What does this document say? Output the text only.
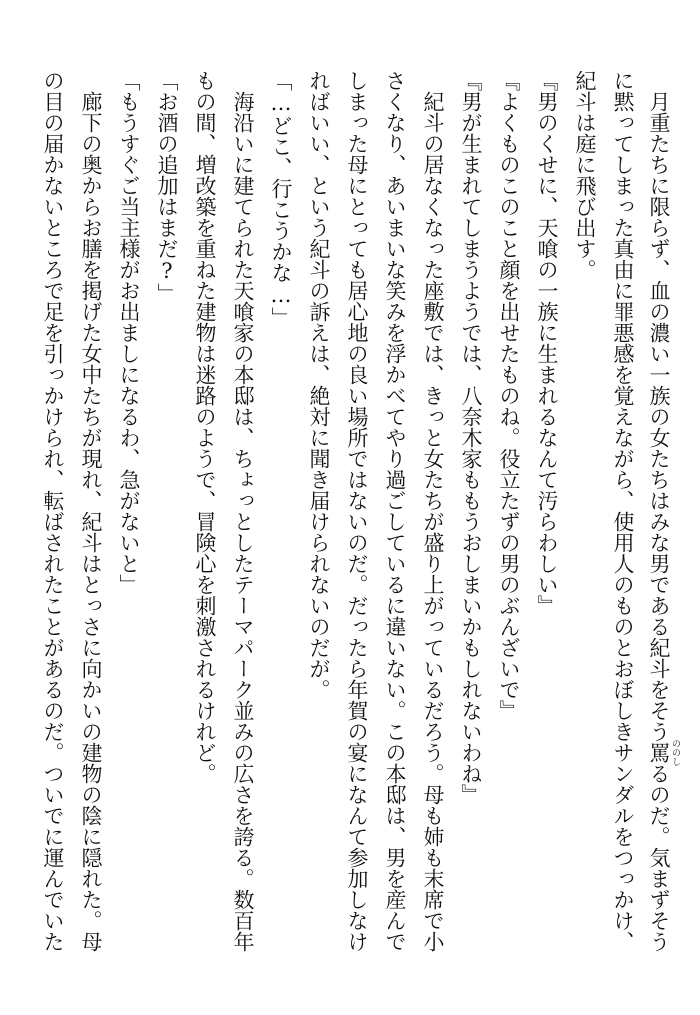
　月重たちに限らず、血の濃い一族の女たちはみな男である紀斗をそう罵 ののしるのだ。気まずそう
に黙ってしまった真由に罪悪感を覚えながら、使用人のものとおぼしきサンダルをつっかけ、
紀斗は庭に飛び出す。
『男のくせに、天喰の一族に生まれるなんて汚らわしい』
『よくものこのこと顔を出せたものね。役立たずの男のぶんざいで』
『男が生まれてしまうようでは、八奈木家ももうおしまいかもしれないわね』
　紀斗の居なくなった座敷では、きっと女たちが盛り上がっているだろう。母も姉も末席で小
さくなり、あいまいな笑みを浮かべてやり過ごしているに違いない。この本邸は、男を産んで
しまった母にとっても居心地の良い場所ではないのだ。だったら年賀の宴になんて参加しなけ
ればいい、という紀斗の訴えは、絶対に聞き届けられないのだが。
「…どこ、行こうかな…」
　海沿いに建てられた天喰家の本邸は、ちょっとしたテーマパーク並みの広さを誇る。数百年
もの間、増改築を重ねた建物は迷路のようで、冒険心を刺激されるけれど。
「お酒の追加はまだ?」
「もうすぐご当主様がお出ましになるわ、急がないと」
　廊下の奥からお膳を掲げた女中たちが現れ、紀斗はとっさに向かいの建物の陰に隠れた。母
の目の届かないところで足を引っかけられ、転ばされたことがあるのだ。ついでに運んでいた
